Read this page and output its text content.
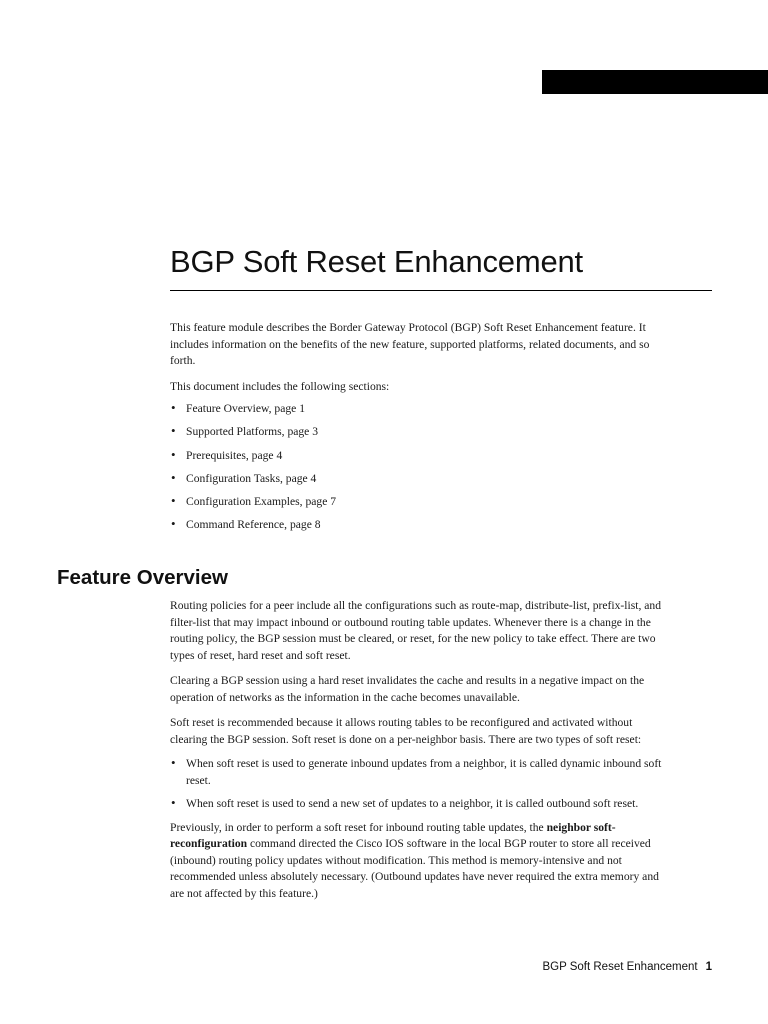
BGP Soft Reset Enhancement

This feature module describes the Border Gateway Protocol (BGP) Soft Reset Enhancement feature. It includes information on the benefits of the new feature, supported platforms, related documents, and so forth.

This document includes the following sections:

• Feature Overview, page 1
• Supported Platforms, page 3
• Prerequisites, page 4
• Configuration Tasks, page 4
• Configuration Examples, page 7
• Command Reference, page 8
Feature Overview

Routing policies for a peer include all the configurations such as route-map, distribute-list, prefix-list, and filter-list that may impact inbound or outbound routing table updates. Whenever there is a change in the routing policy, the BGP session must be cleared, or reset, for the new policy to take effect. There are two types of reset, hard reset and soft reset.

Clearing a BGP session using a hard reset invalidates the cache and results in a negative impact on the operation of networks as the information in the cache becomes unavailable.

Soft reset is recommended because it allows routing tables to be reconfigured and activated without clearing the BGP session. Soft reset is done on a per-neighbor basis. There are two types of soft reset:

• When soft reset is used to generate inbound updates from a neighbor, it is called dynamic inbound soft reset.
• When soft reset is used to send a new set of updates to a neighbor, it is called outbound soft reset.

Previously, in order to perform a soft reset for inbound routing table updates, the neighbor soft-reconfiguration command directed the Cisco IOS software in the local BGP router to store all received (inbound) routing policy updates without modification. This method is memory-intensive and not recommended unless absolutely necessary. (Outbound updates have never required the extra memory and are not affected by this feature.)

BGP Soft Reset Enhancement 1
